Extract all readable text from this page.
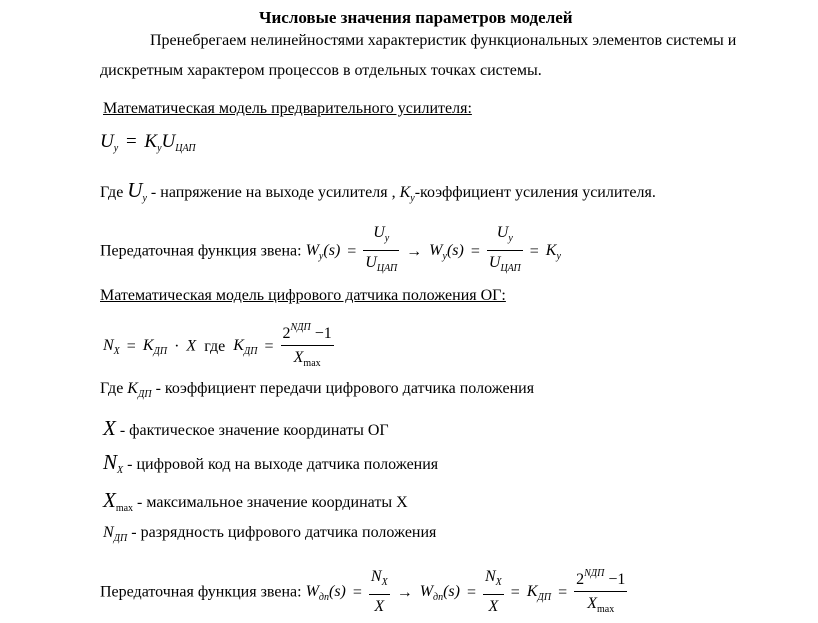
Числовые значения параметров моделей
Пренебрегаем нелинейностями характеристик функциональных элементов системы и
дискретным характером процессов в отдельных точках системы.
Математическая модель предварительного усилителя:
$U_у = K_уU_{ЦАП}$
Где $U_у$ - напряжение на выходе усилителя , $K_у$-коэффициент усиления усилителя.
Передаточная функция звена: $W_у(s) = \frac{U_у}{U_{ЦАП}} \to W_у(s) = \frac{U_у}{U_{ЦАП}} = K_у$
Математическая модель цифрового датчика положения ОГ:
$N_X = K_{ДП} \cdot X$ где $K_{ДП} = \frac{2^{NДП} -1}{X_{max}}$
Где $K_{ДП}$ - коэффициент передачи цифрового датчика положения
X - фактическое значение координаты ОГ
$N_X$ - цифровой код на выходе датчика положения
Xmax - максимальное значение координаты X
$N_{ДП}$ - разрядность цифрового датчика положения
Передаточная функция звена: $W_{дп}(s) = \frac{N_X}{X} \to W_{дп}(s) = \frac{N_X}{X} = K_{ДП} = \frac{2^{NДП} -1}{X_{max}}$
